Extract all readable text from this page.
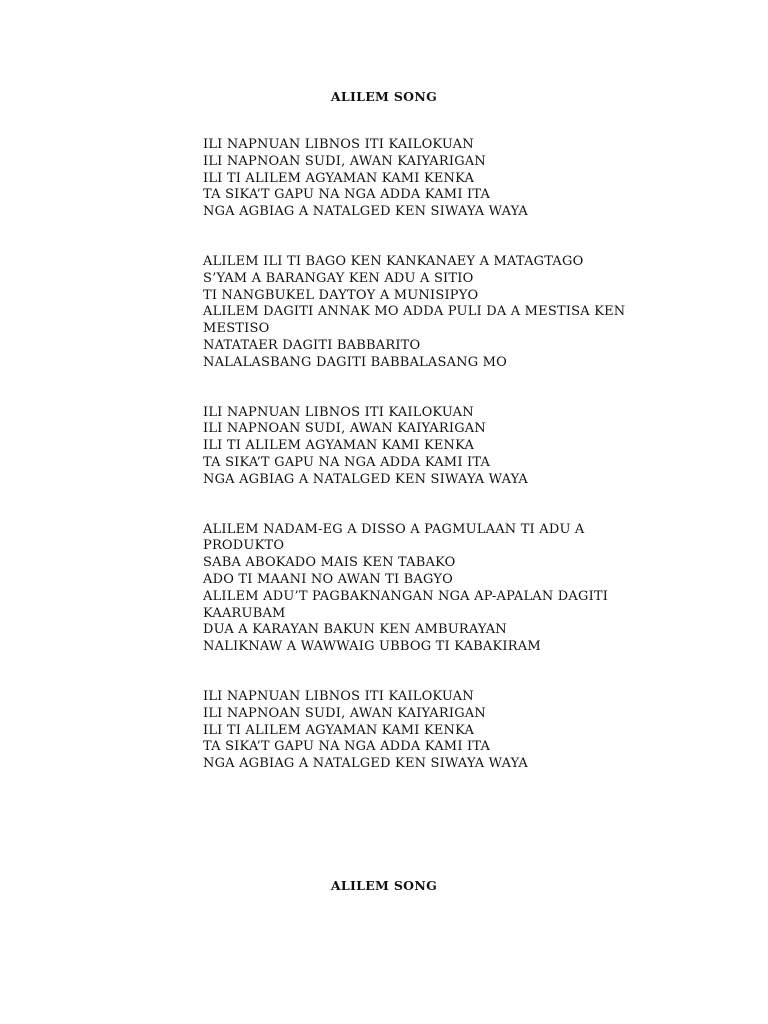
ALILEM SONG
ILI NAPNUAN LIBNOS ITI KAILOKUAN
ILI NAPNOAN SUDI, AWAN KAIYARIGAN
ILI TI ALILEM AGYAMAN KAMI KENKA
TA SIKA’T GAPU NA NGA ADDA KAMI ITA
NGA AGBIAG A NATALGED KEN SIWAYA WAYA
ALILEM ILI TI BAGO KEN KANKANAEY A MATAGTAGO
S’YAM A BARANGAY KEN ADU A SITIO
TI NANGBUKEL DAYTOY A MUNISIPYO
ALILEM DAGITI ANNAK MO ADDA PULI DA A MESTISA KEN MESTISO
NATATAER DAGITI BABBARITO
NALALASBANG DAGITI BABBALASANG MO
ILI NAPNUAN LIBNOS ITI KAILOKUAN
ILI NAPNOAN SUDI, AWAN KAIYARIGAN
ILI TI ALILEM AGYAMAN KAMI KENKA
TA SIKA’T GAPU NA NGA ADDA KAMI ITA
NGA AGBIAG A NATALGED KEN SIWAYA WAYA
ALILEM NADAM-EG A DISSO A PAGMULAAN TI ADU A PRODUKTO
SABA ABOKADO MAIS KEN TABAKO
ADO TI MAANI NO AWAN TI BAGYO
ALILEM ADU’T PAGBAKNANGAN NGA AP-APALAN DAGITI KAARUBAM
DUA A KARAYAN BAKUN KEN AMBURAYAN
NALIKNAW A WAWWAIG UBBOG TI KABAKIRAM
ILI NAPNUAN LIBNOS ITI KAILOKUAN
ILI NAPNOAN SUDI, AWAN KAIYARIGAN
ILI TI ALILEM AGYAMAN KAMI KENKA
TA SIKA’T GAPU NA NGA ADDA KAMI ITA
NGA AGBIAG A NATALGED KEN SIWAYA WAYA
ALILEM SONG
